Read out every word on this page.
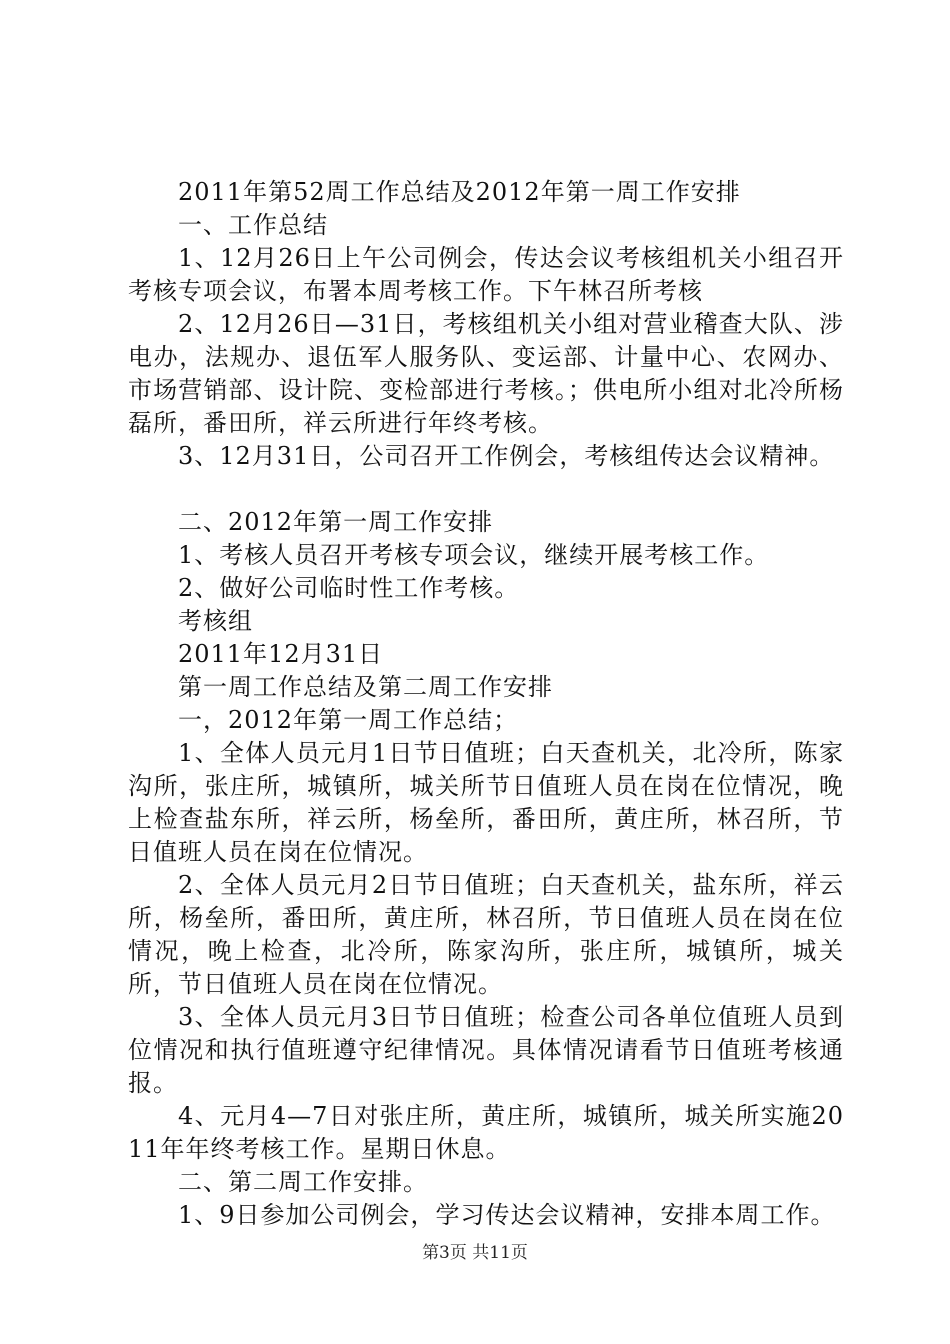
2011年第52周工作总结及2012年第一周工作安排

一、工作总结

1、12月26日上午公司例会，传达会议考核组机关小组召开考核专项会议，布署本周考核工作。下午林召所考核

2、12月26日—31日，考核组机关小组对营业稽查大队、涉电办，法规办、退伍军人服务队、变运部、计量中心、农网办、市场营销部、设计院、变检部进行考核。；供电所小组对北冷所杨磊所，番田所，祥云所进行年终考核。

3、12月31日，公司召开工作例会，考核组传达会议精神。

二、2012年第一周工作安排

1、考核人员召开考核专项会议，继续开展考核工作。

2、做好公司临时性工作考核。

考核组

2011年12月31日

第一周工作总结及第二周工作安排

一，2012年第一周工作总结；

1、全体人员元月1日节日值班；白天查机关，北冷所，陈家沟所，张庄所，城镇所，城关所节日值班人员在岗在位情况，晚上检查盐东所，祥云所，杨垒所，番田所，黄庄所，林召所，节日值班人员在岗在位情况。

2、全体人员元月2日节日值班；白天查机关，盐东所，祥云所，杨垒所，番田所，黄庄所，林召所，节日值班人员在岗在位情况，晚上检查，北冷所，陈家沟所，张庄所，城镇所，城关所，节日值班人员在岗在位情况。

3、全体人员元月3日节日值班；检查公司各单位值班人员到位情况和执行值班遵守纪律情况。具体情况请看节日值班考核通报。

4、元月4—7日对张庄所，黄庄所，城镇所，城关所实施2011年年终考核工作。星期日休息。

二、第二周工作安排。

1、9日参加公司例会，学习传达会议精神，安排本周工作。

第3页 共11页
